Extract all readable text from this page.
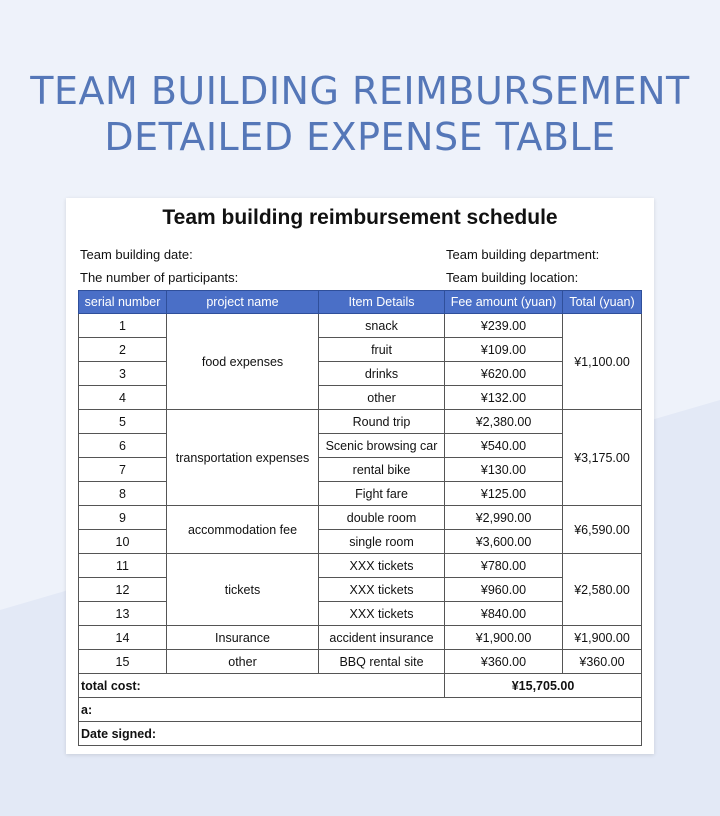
TEAM BUILDING REIMBURSEMENT
DETAILED EXPENSE TABLE
Team building reimbursement schedule
Team building date:	Team building department:
The number of participants:	Team building location:
serial number	project name	Item Details	Fee amount (yuan)	Total (yuan)
1	food expenses	snack	¥239.00	¥1,100.00
2		fruit	¥109.00	
3		drinks	¥620.00	
4		other	¥132.00	
5	transportation expenses	Round trip	¥2,380.00	¥3,175.00
6		Scenic browsing car	¥540.00	
7		rental bike	¥130.00	
8		Fight fare	¥125.00	
9	accommodation fee	double room	¥2,990.00	¥6,590.00
10		single room	¥3,600.00	
11	tickets	XXX tickets	¥780.00	¥2,580.00
12		XXX tickets	¥960.00	
13		XXX tickets	¥840.00	
14	Insurance	accident insurance	¥1,900.00	¥1,900.00
15	other	BBQ rental site	¥360.00	¥360.00
total cost:			¥15,705.00	
a:				
Date signed:				
